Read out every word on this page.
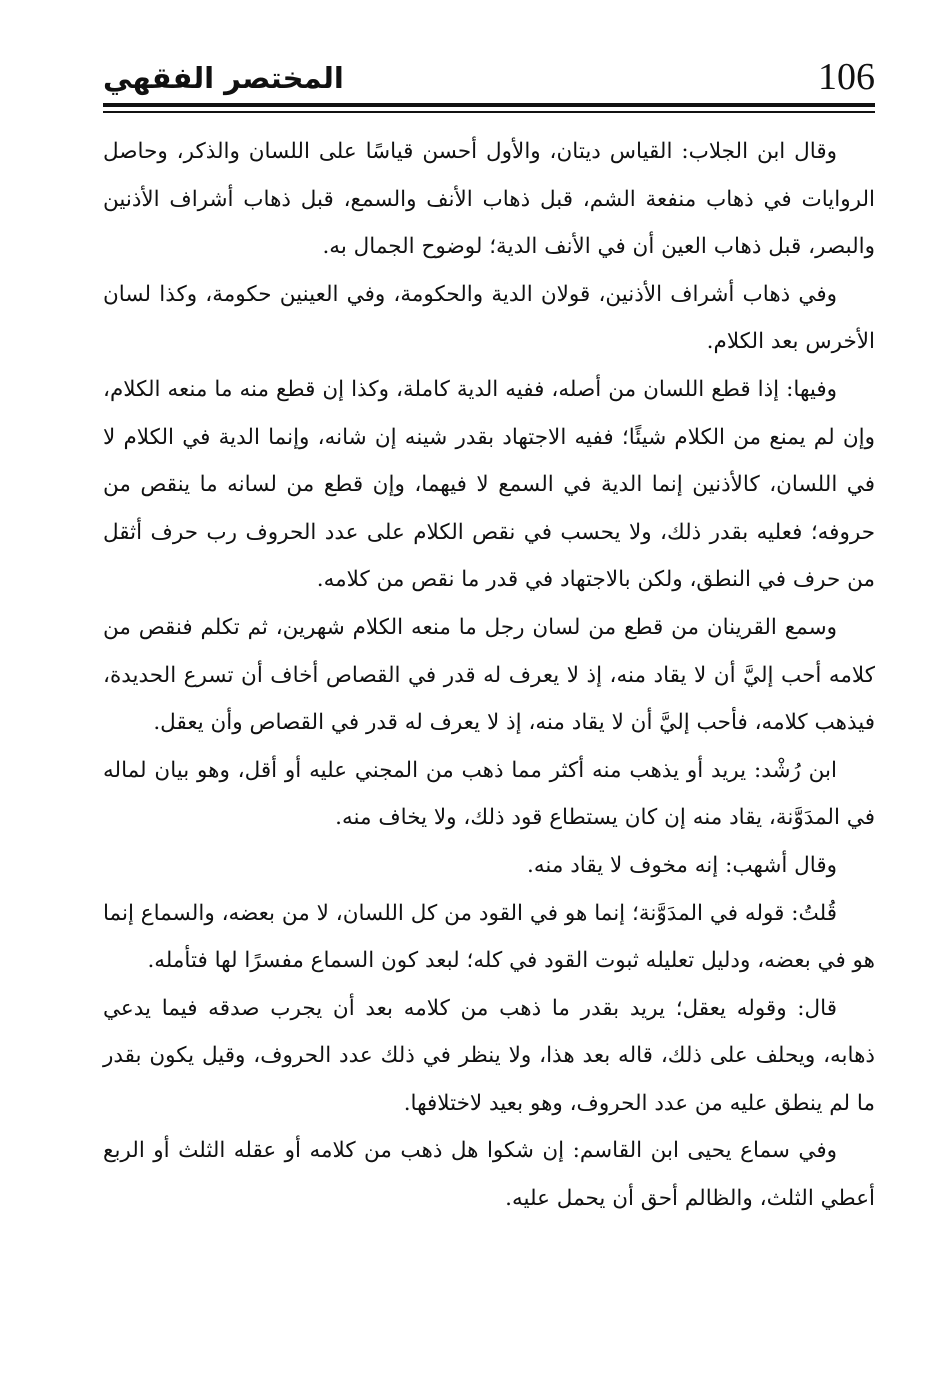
106
المختصر الفقهي

وقال ابن الجلاب: القياس ديتان، والأول أحسن قياسًا على اللسان والذكر، وحاصل الروايات في ذهاب منفعة الشم، قبل ذهاب الأنف والسمع، قبل ذهاب أشراف الأذنين والبصر، قبل ذهاب العين أن في الأنف الدية؛ لوضوح الجمال به.

وفي ذهاب أشراف الأذنين، قولان الدية والحكومة، وفي العينين حكومة، وكذا لسان الأخرس بعد الكلام.

وفيها: إذا قطع اللسان من أصله، ففيه الدية كاملة، وكذا إن قطع منه ما منعه الكلام، وإن لم يمنع من الكلام شيئًا؛ ففيه الاجتهاد بقدر شينه إن شانه، وإنما الدية في الكلام لا في اللسان، كالأذنين إنما الدية في السمع لا فيهما، وإن قطع من لسانه ما ينقص من حروفه؛ فعليه بقدر ذلك، ولا يحسب في نقص الكلام على عدد الحروف رب حرف أثقل من حرف في النطق، ولكن بالاجتهاد في قدر ما نقص من كلامه.

وسمع القرينان من قطع من لسان رجل ما منعه الكلام شهرين، ثم تكلم فنقص من كلامه أحب إليَّ أن لا يقاد منه، إذ لا يعرف له قدر في القصاص أخاف أن تسرع الحديدة، فيذهب كلامه، فأحب إليَّ أن لا يقاد منه، إذ لا يعرف له قدر في القصاص وأن يعقل.

ابن رُشْد: يريد أو يذهب منه أكثر مما ذهب من المجني عليه أو أقل، وهو بيان لماله في المدَوَّنة، يقاد منه إن كان يستطاع قود ذلك، ولا يخاف منه.

وقال أشهب: إنه مخوف لا يقاد منه.

قُلتُ: قوله في المدَوَّنة؛ إنما هو في القود من كل اللسان، لا من بعضه، والسماع إنما هو في بعضه، ودليل تعليله ثبوت القود في كله؛ لبعد كون السماع مفسرًا لها فتأمله.

قال: وقوله يعقل؛ يريد بقدر ما ذهب من كلامه بعد أن يجرب صدقه فيما يدعي ذهابه، ويحلف على ذلك، قاله بعد هذا، ولا ينظر في ذلك عدد الحروف، وقيل يكون بقدر ما لم ينطق عليه من عدد الحروف، وهو بعيد لاختلافها.

وفي سماع يحيى ابن القاسم: إن شكوا هل ذهب من كلامه أو عقله الثلث أو الربع أعطي الثلث، والظالم أحق أن يحمل عليه.
